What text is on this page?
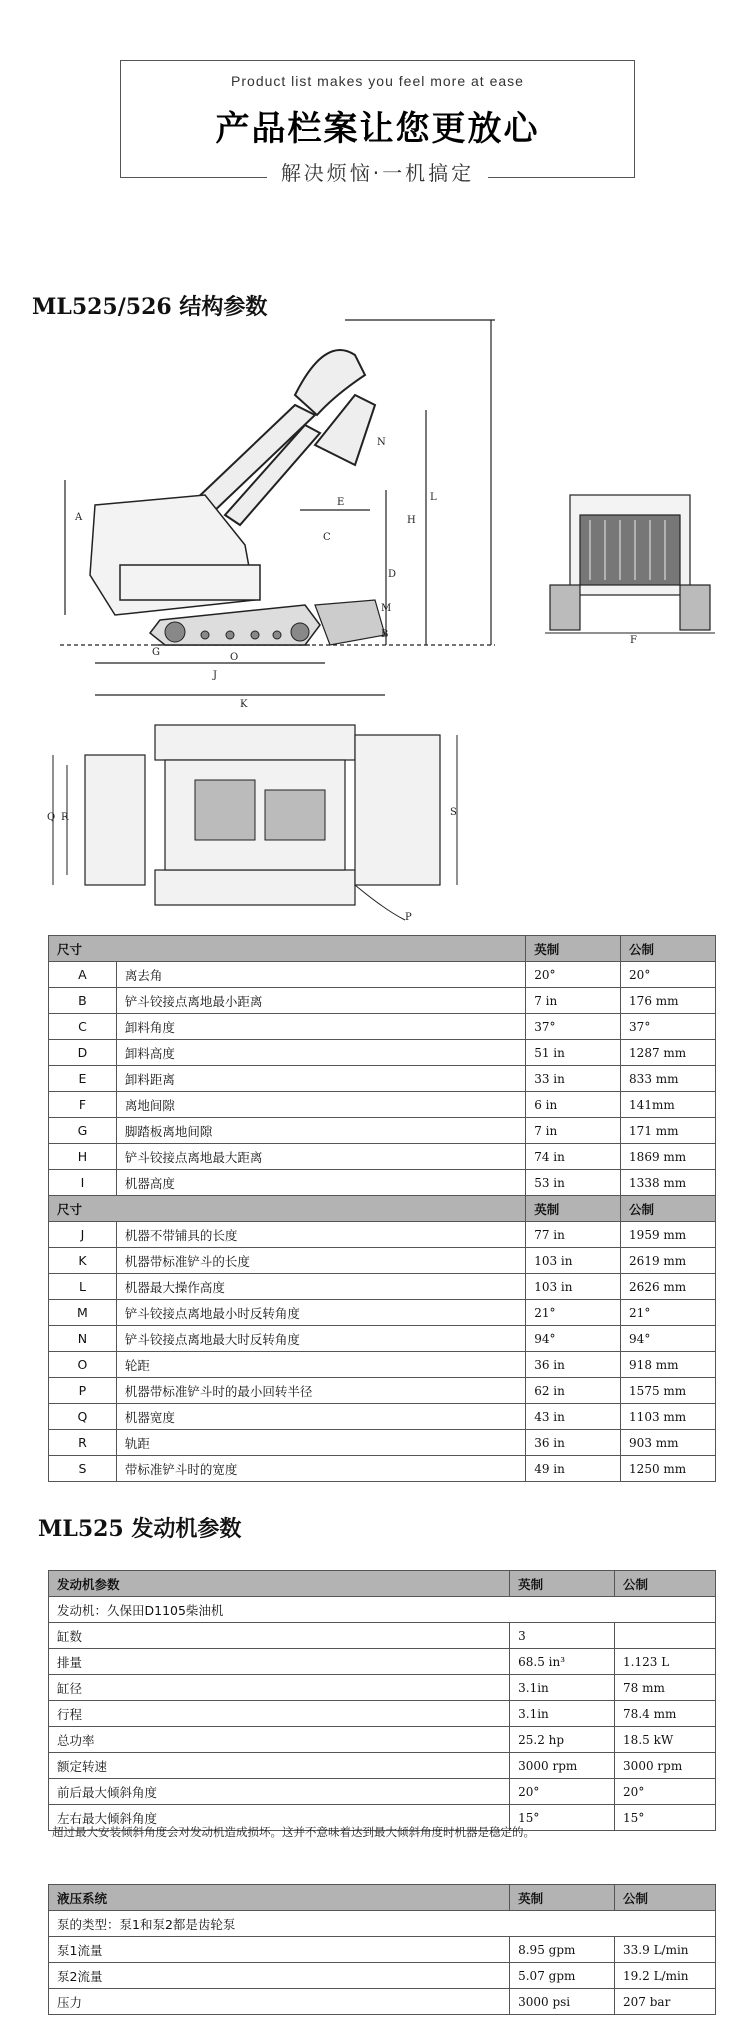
Product list makes you feel more at ease
产品栏案让您更放心
解决烦恼·一机搞定
ML525/526 结构参数
N
C
E	L
H
D
M
B
A
G	O
J
K
F
Q R	S
P
尺寸		英制	公制
A	离去角	20°	20°
B	铲斗铰接点离地最小距离	7 in	176 mm
C	卸料角度	37°	37°
D	卸料高度	51 in	1287 mm
E	卸料距离	33 in	833 mm
F	离地间隙	6 in	141mm
G	脚踏板离地间隙	7 in	171 mm
H	铲斗铰接点离地最大距离	74 in	1869 mm
I	机器高度	53 in	1338 mm
尺寸		英制	公制
J	机器不带铺具的长度	77 in	1959 mm
K	机器带标准铲斗的长度	103 in	2619 mm
L	机器最大操作高度	103 in	2626 mm
M	铲斗铰接点离地最小时反转角度	21°	21°
N	铲斗铰接点离地最大时反转角度	94°	94°
O	轮距	36 in	918 mm
P	机器带标准铲斗时的最小回转半径	62 in	1575 mm
Q	机器宽度	43 in	1103 mm
R	轨距	36 in	903 mm
S	带标准铲斗时的宽度	49 in	1250 mm
ML525 发动机参数
发动机参数	英制	公制
发动机：久保田D1105柴油机		
缸数	3	
排量	68.5 in³	1.123 L
缸径	3.1in	78 mm
行程	3.1in	78.4 mm
总功率	25.2 hp	18.5 kW
额定转速	3000 rpm	3000 rpm
前后最大倾斜角度	20°	20°
左右最大倾斜角度	15°	15°
超过最大安装倾斜角度会对发动机造成损坏。这并不意味着达到最大倾斜角度时机器是稳定的。
液压系统	英制	公制
泵的类型：泵1和泵2都是齿轮泵		
泵1流量	8.95 gpm	33.9 L/min
泵2流量	5.07 gpm	19.2 L/min
压力	3000 psi	207 bar
